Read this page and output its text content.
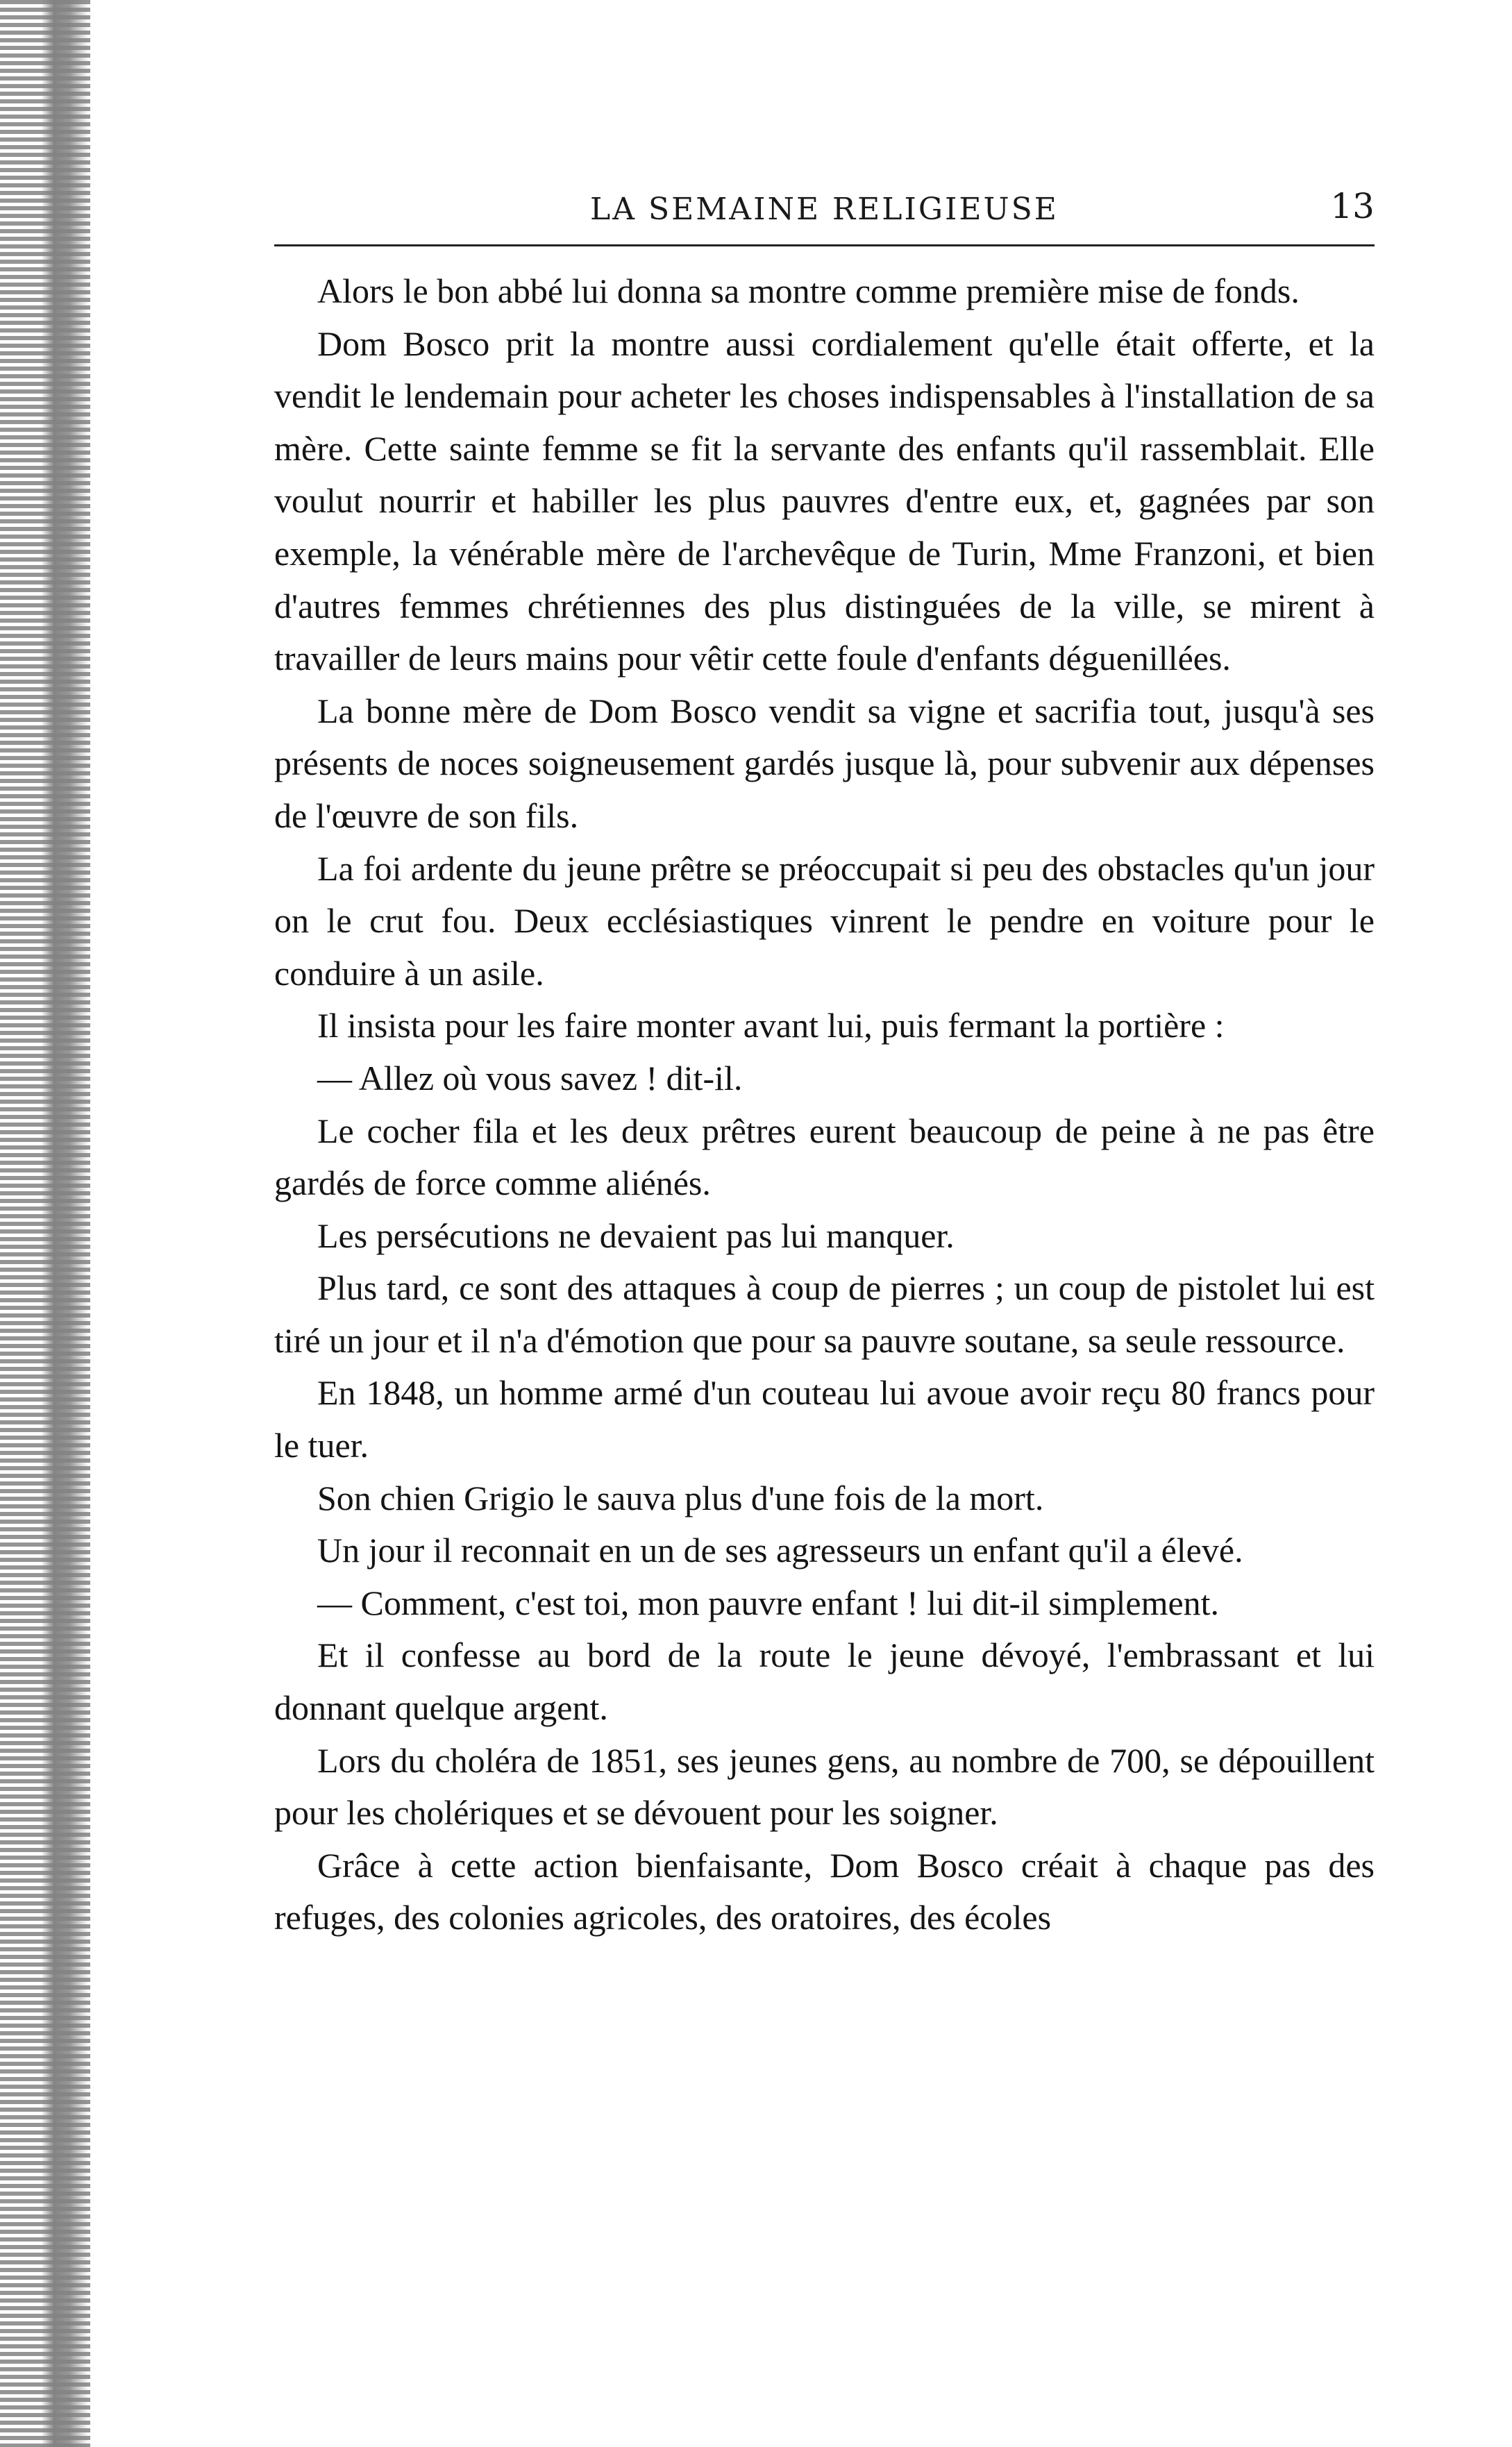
LA SEMAINE RELIGIEUSE	13

Alors le bon abbé lui donna sa montre comme première mise de fonds.

Dom Bosco prit la montre aussi cordialement qu'elle était offerte, et la vendit le lendemain pour acheter les choses indispensables à l'installation de sa mère. Cette sainte femme se fit la servante des enfants qu'il rassemblait. Elle voulut nourrir et habiller les plus pauvres d'entre eux, et, gagnées par son exemple, la vénérable mère de l'archevêque de Turin, Mme Franzoni, et bien d'autres femmes chrétiennes des plus distinguées de la ville, se mirent à travailler de leurs mains pour vêtir cette foule d'enfants déguenillées.

La bonne mère de Dom Bosco vendit sa vigne et sacrifia tout, jusqu'à ses présents de noces soigneusement gardés jusque là, pour subvenir aux dépenses de l'œuvre de son fils.

La foi ardente du jeune prêtre se préoccupait si peu des obstacles qu'un jour on le crut fou. Deux ecclésiastiques vinrent le pendre en voiture pour le conduire à un asile.

Il insista pour les faire monter avant lui, puis fermant la portière :

— Allez où vous savez ! dit-il.

Le cocher fila et les deux prêtres eurent beaucoup de peine à ne pas être gardés de force comme aliénés.

Les persécutions ne devaient pas lui manquer.

Plus tard, ce sont des attaques à coup de pierres ; un coup de pistolet lui est tiré un jour et il n'a d'émotion que pour sa pauvre soutane, sa seule ressource.

En 1848, un homme armé d'un couteau lui avoue avoir reçu 80 francs pour le tuer.

Son chien Grigio le sauva plus d'une fois de la mort.

Un jour il reconnait en un de ses agresseurs un enfant qu'il a élevé.

— Comment, c'est toi, mon pauvre enfant ! lui dit-il simplement.

Et il confesse au bord de la route le jeune dévoyé, l'embrassant et lui donnant quelque argent.

Lors du choléra de 1851, ses jeunes gens, au nombre de 700, se dépouillent pour les cholériques et se dévouent pour les soigner.

Grâce à cette action bienfaisante, Dom Bosco créait à chaque pas des refuges, des colonies agricoles, des oratoires, des écoles
